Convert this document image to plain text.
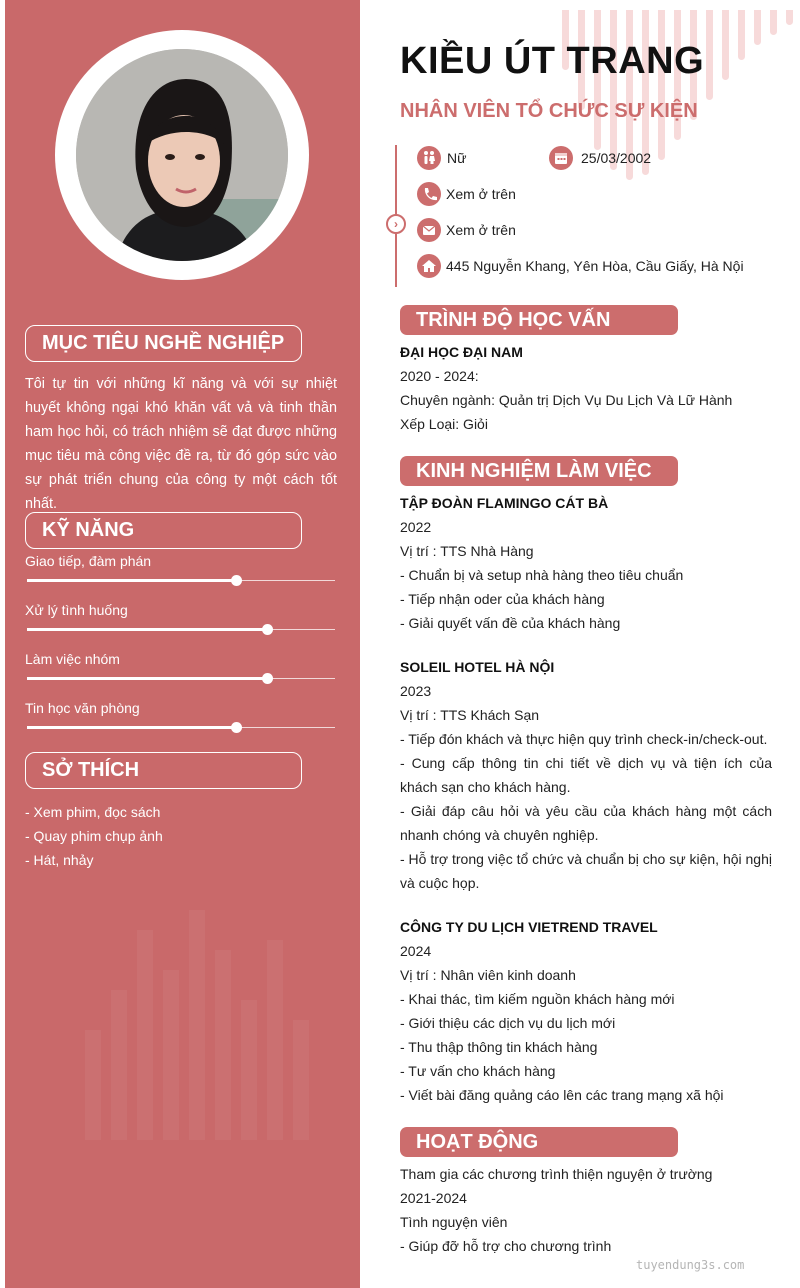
MỤC TIÊU NGHỀ NGHIỆP

Tôi tự tin với những kĩ năng và với sự nhiệt huyết không ngại khó khăn vất vả và tinh thần ham học hỏi, có trách nhiệm sẽ đạt được những mục tiêu mà công việc đề ra, từ đó góp sức vào sự phát triển chung của công ty một cách tốt nhất.

KỸ NĂNG
Giao tiếp, đàm phán
Xử lý tình huống
Làm việc nhóm
Tin học văn phòng
SỞ THÍCH
- Xem phim, đọc sách
- Quay phim chụp ảnh
- Hát, nhảy
KIỀU ÚT TRANG
NHÂN VIÊN TỔ CHỨC SỰ KIỆN
›
Nữ	25/03/2002
Xem ở trên
Xem ở trên
445 Nguyễn Khang, Yên Hòa, Cầu Giấy, Hà Nội
TRÌNH ĐỘ HỌC VẤN
ĐẠI HỌC ĐẠI NAM
2020 - 2024:
Chuyên ngành: Quản trị Dịch Vụ Du Lịch Và Lữ Hành
Xếp Loại: Giỏi
KINH NGHIỆM LÀM VIỆC
TẬP ĐOÀN FLAMINGO CÁT BÀ
2022
Vị trí : TTS Nhà Hàng

- Chuẩn bị và setup nhà hàng theo tiêu chuẩn

- Tiếp nhận oder của khách hàng

- Giải quyết vấn đề của khách hàng

SOLEIL HOTEL HÀ NỘI
2023
Vị trí : TTS Khách Sạn

- Tiếp đón khách và thực hiện quy trình check-in/check-out.

- Cung cấp thông tin chi tiết về dịch vụ và tiện ích của khách sạn cho khách hàng.

- Giải đáp câu hỏi và yêu cầu của khách hàng một cách nhanh chóng và chuyên nghiệp.

- Hỗ trợ trong việc tổ chức và chuẩn bị cho sự kiện, hội nghị và cuộc họp.

CÔNG TY DU LỊCH VIETREND TRAVEL
2024
Vị trí : Nhân viên kinh doanh

- Khai thác, tìm kiếm nguồn khách hàng mới

- Giới thiệu các dịch vụ du lịch mới

- Thu thập thông tin khách hàng

- Tư vấn cho khách hàng

- Viết bài đăng quảng cáo lên các trang mạng xã hội

HOẠT ĐỘNG
Tham gia các chương trình thiện nguyện ở trường
2021-2024
Tình nguyện viên
- Giúp đỡ hỗ trợ cho chương trình
tuyendung3s.com
